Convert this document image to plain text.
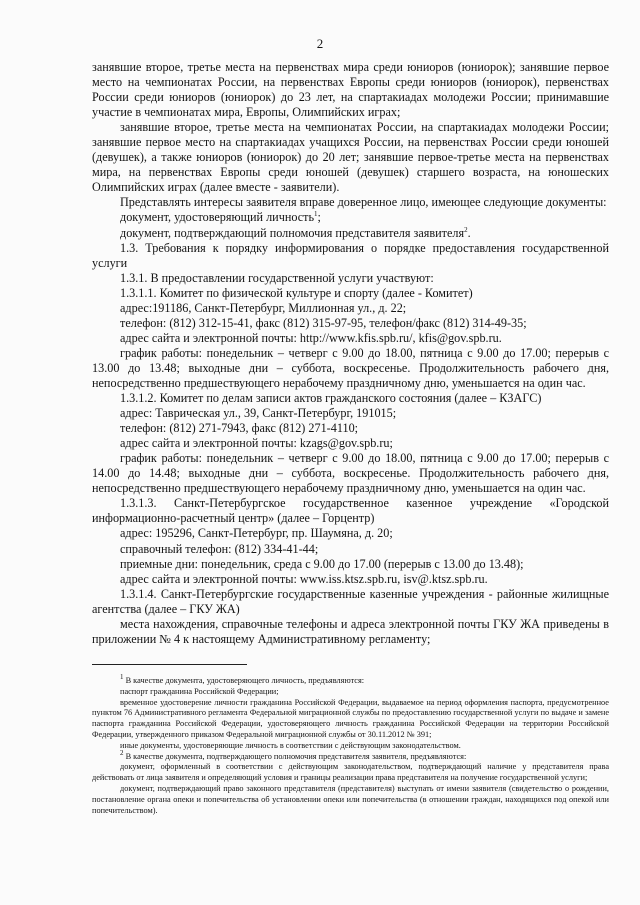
2

занявшие второе, третье места на первенствах мира среди юниоров (юниорок); занявшие первое место на чемпионатах России, на первенствах Европы среди юниоров (юниорок), первенствах России среди юниоров (юниорок) до 23 лет, на спартакиадах молодежи России; принимавшие участие в чемпионатах мира, Европы, Олимпийских играх;

занявшие второе, третье места на чемпионатах России, на спартакиадах молодежи России; занявшие первое место на спартакиадах учащихся России, на первенствах России среди юношей (девушек), а также юниоров (юниорок) до 20 лет; занявшие первое-третье места на первенствах мира, на первенствах Европы среди юношей (девушек) старшего возраста, на юношеских Олимпийских играх (далее вместе - заявители).

Представлять интересы заявителя вправе доверенное лицо, имеющее следующие документы:

документ, удостоверяющий личность$^1$;

документ, подтверждающий полномочия представителя заявителя$^2$.

1.3. Требования к порядку информирования о порядке предоставления государственной услуги

1.3.1. В предоставлении государственной услуги участвуют:

1.3.1.1. Комитет по физической культуре и спорту (далее - Комитет)

адрес:191186, Санкт-Петербург, Миллионная ул., д. 22;

телефон: (812) 312-15-41, факс (812) 315-97-95, телефон/факс (812) 314-49-35;

адрес сайта и электронной почты: http://www.kfis.spb.ru/, kfis@gov.spb.ru.

график работы: понедельник – четверг с 9.00 до 18.00, пятница с 9.00 до 17.00; перерыв с 13.00 до 13.48; выходные дни – суббота, воскресенье. Продолжительность рабочего дня, непосредственно предшествующего нерабочему праздничному дню, уменьшается на один час.

1.3.1.2. Комитет по делам записи актов гражданского состояния (далее – КЗАГС)

адрес: Таврическая ул., 39, Санкт-Петербург, 191015;

телефон: (812) 271-7943, факс (812) 271-4110;

адрес сайта и электронной почты: kzags@gov.spb.ru;

график работы: понедельник – четверг с 9.00 до 18.00, пятница с 9.00 до 17.00; перерыв с 14.00 до 14.48; выходные дни – суббота, воскресенье. Продолжительность рабочего дня, непосредственно предшествующего нерабочему праздничному дню, уменьшается на один час.

1.3.1.3. Санкт-Петербургское государственное казенное учреждение «Городской информационно-расчетный центр» (далее – Горцентр)

адрес: 195296, Санкт-Петербург, пр. Шаумяна, д. 20;

справочный телефон: (812) 334-41-44;

приемные дни: понедельник, среда с 9.00 до 17.00 (перерыв с 13.00 до 13.48);

адрес сайта и электронной почты: www.iss.ktsz.spb.ru, isv@.ktsz.spb.ru.

1.3.1.4. Санкт-Петербургские государственные казенные учреждения - районные жилищные агентства (далее – ГКУ ЖА)

места нахождения, справочные телефоны и адреса электронной почты ГКУ ЖА приведены в приложении № 4 к настоящему Административному регламенту;

$^1$ В качестве документа, удостоверяющего личность, предъявляются:

паспорт гражданина Российской Федерации;

временное удостоверение личности гражданина Российской Федерации, выдаваемое на период оформления паспорта, предусмотренное пунктом 76 Административного регламента Федеральной миграционной службы по предоставлению государственной услуги по выдаче и замене паспорта гражданина Российской Федерации, удостоверяющего личность гражданина Российской Федерации на территории Российской Федерации, утвержденного приказом Федеральной миграционной службы от 30.11.2012 № 391;

иные документы, удостоверяющие личность в соответствии с действующим законодательством.

$^2$ В качестве документа, подтверждающего полномочия представителя заявителя, предъявляются:

документ, оформленный в соответствии с действующим законодательством, подтверждающий наличие у представителя права действовать от лица заявителя и определяющий условия и границы реализации права представителя на получение государственной услуги;

документ, подтверждающий право законного представителя (представителя) выступать от имени заявителя (свидетельство о рождении, постановление органа опеки и попечительства об установлении опеки или попечительства (в отношении граждан, находящихся под опекой или попечительством).
